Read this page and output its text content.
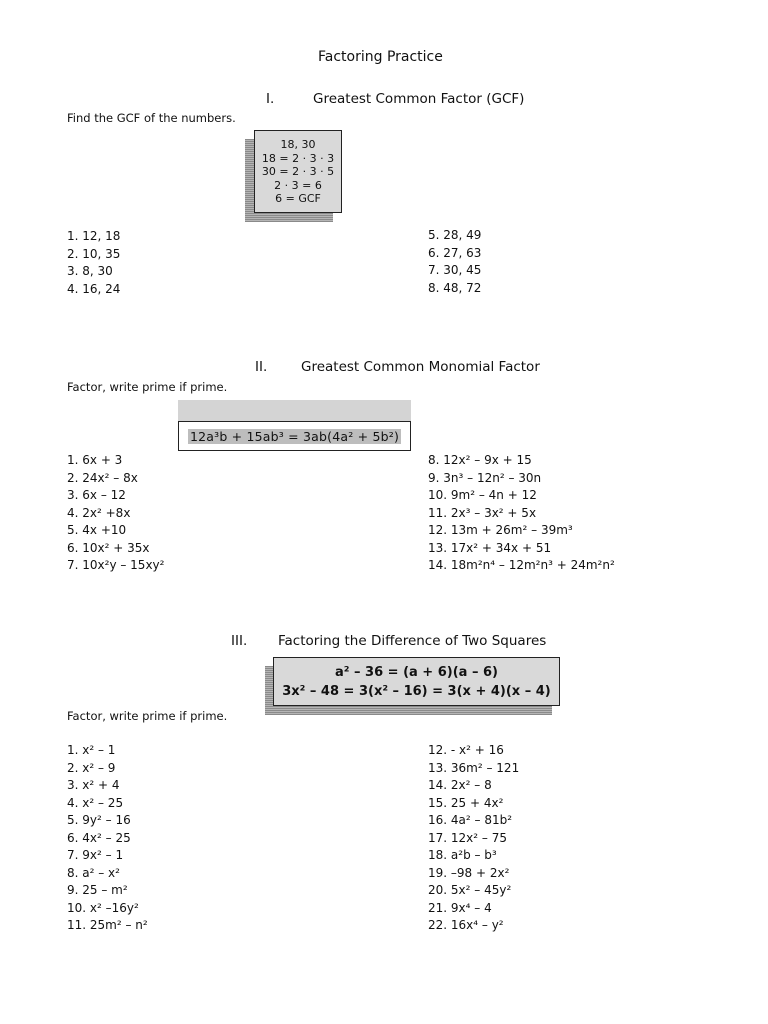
Factoring Practice
I.	Greatest Common Factor (GCF)
Find the GCF of the numbers.
18, 30
18 = 2 · 3 · 3
30 = 2 · 3 · 5
2 · 3 = 6
6 = GCF
1. 12, 18
2. 10, 35
3. 8, 30
4. 16, 24
5. 28, 49
6. 27, 63
7. 30, 45
8. 48, 72
II. Greatest Common Monomial Factor
Factor, write prime if prime.
12a³b + 15ab³ = 3ab(4a² + 5b²)
1. 6x + 3
2. 24x² – 8x
3. 6x – 12
4. 2x² +8x
5. 4x +10
6. 10x² + 35x
7. 10x²y – 15xy²
8. 12x² – 9x + 15
9. 3n³ – 12n² – 30n
10. 9m² – 4n + 12
11. 2x³ – 3x² + 5x
12. 13m + 26m² – 39m³
13. 17x² + 34x + 51
14. 18m²n⁴ – 12m²n³ + 24m²n²
III. Factoring the Difference of Two Squares
a² – 36 = (a + 6)(a – 6)
3x² – 48 = 3(x² – 16) = 3(x + 4)(x – 4)
Factor, write prime if prime.
1. x² – 1
2. x² – 9
3. x² + 4
4. x² – 25
5. 9y² – 16
6. 4x² – 25
7. 9x² – 1
8. a² – x²
9. 25 – m²
10. x² –16y²
11. 25m² – n²
12. - x² + 16
13. 36m² – 121
14. 2x² – 8
15. 25 + 4x²
16. 4a² – 81b²
17. 12x² – 75
18. a²b – b³
19. –98 + 2x²
20. 5x² – 45y²
21. 9x⁴ – 4
22. 16x⁴ – y²
